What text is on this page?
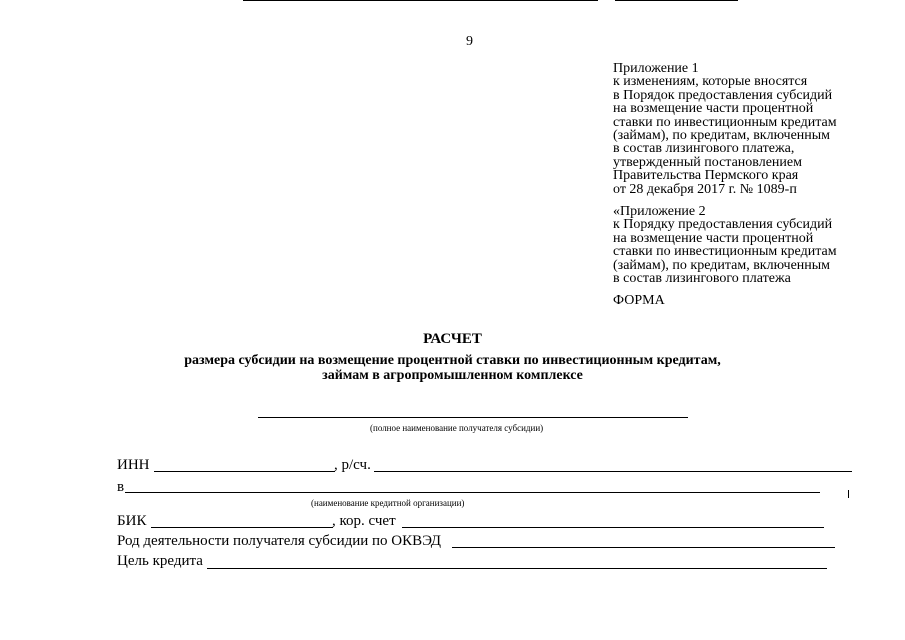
9
Приложение 1
к изменениям, которые вносятся
в Порядок предоставления субсидий
на возмещение части процентной
ставки по инвестиционным кредитам
(займам), по кредитам, включенным
в состав лизингового платежа,
утвержденный постановлением
Правительства Пермского края
от 28 декабря 2017 г. № 1089-п
«Приложение 2
к Порядку предоставления субсидий
на возмещение части процентной
ставки по инвестиционным кредитам
(займам), по кредитам, включенным
в состав лизингового платежа
ФОРМА
РАСЧЕТ
размера субсидии на возмещение процентной ставки по инвестиционным кредитам,
займам в агропромышленном комплексе
(полное наименование получателя субсидии)
ИНН	, р/сч.
в
(наименование кредитной организации)
БИК	, кор. счет
Род деятельности получателя субсидии по ОКВЭД
Цель кредита
